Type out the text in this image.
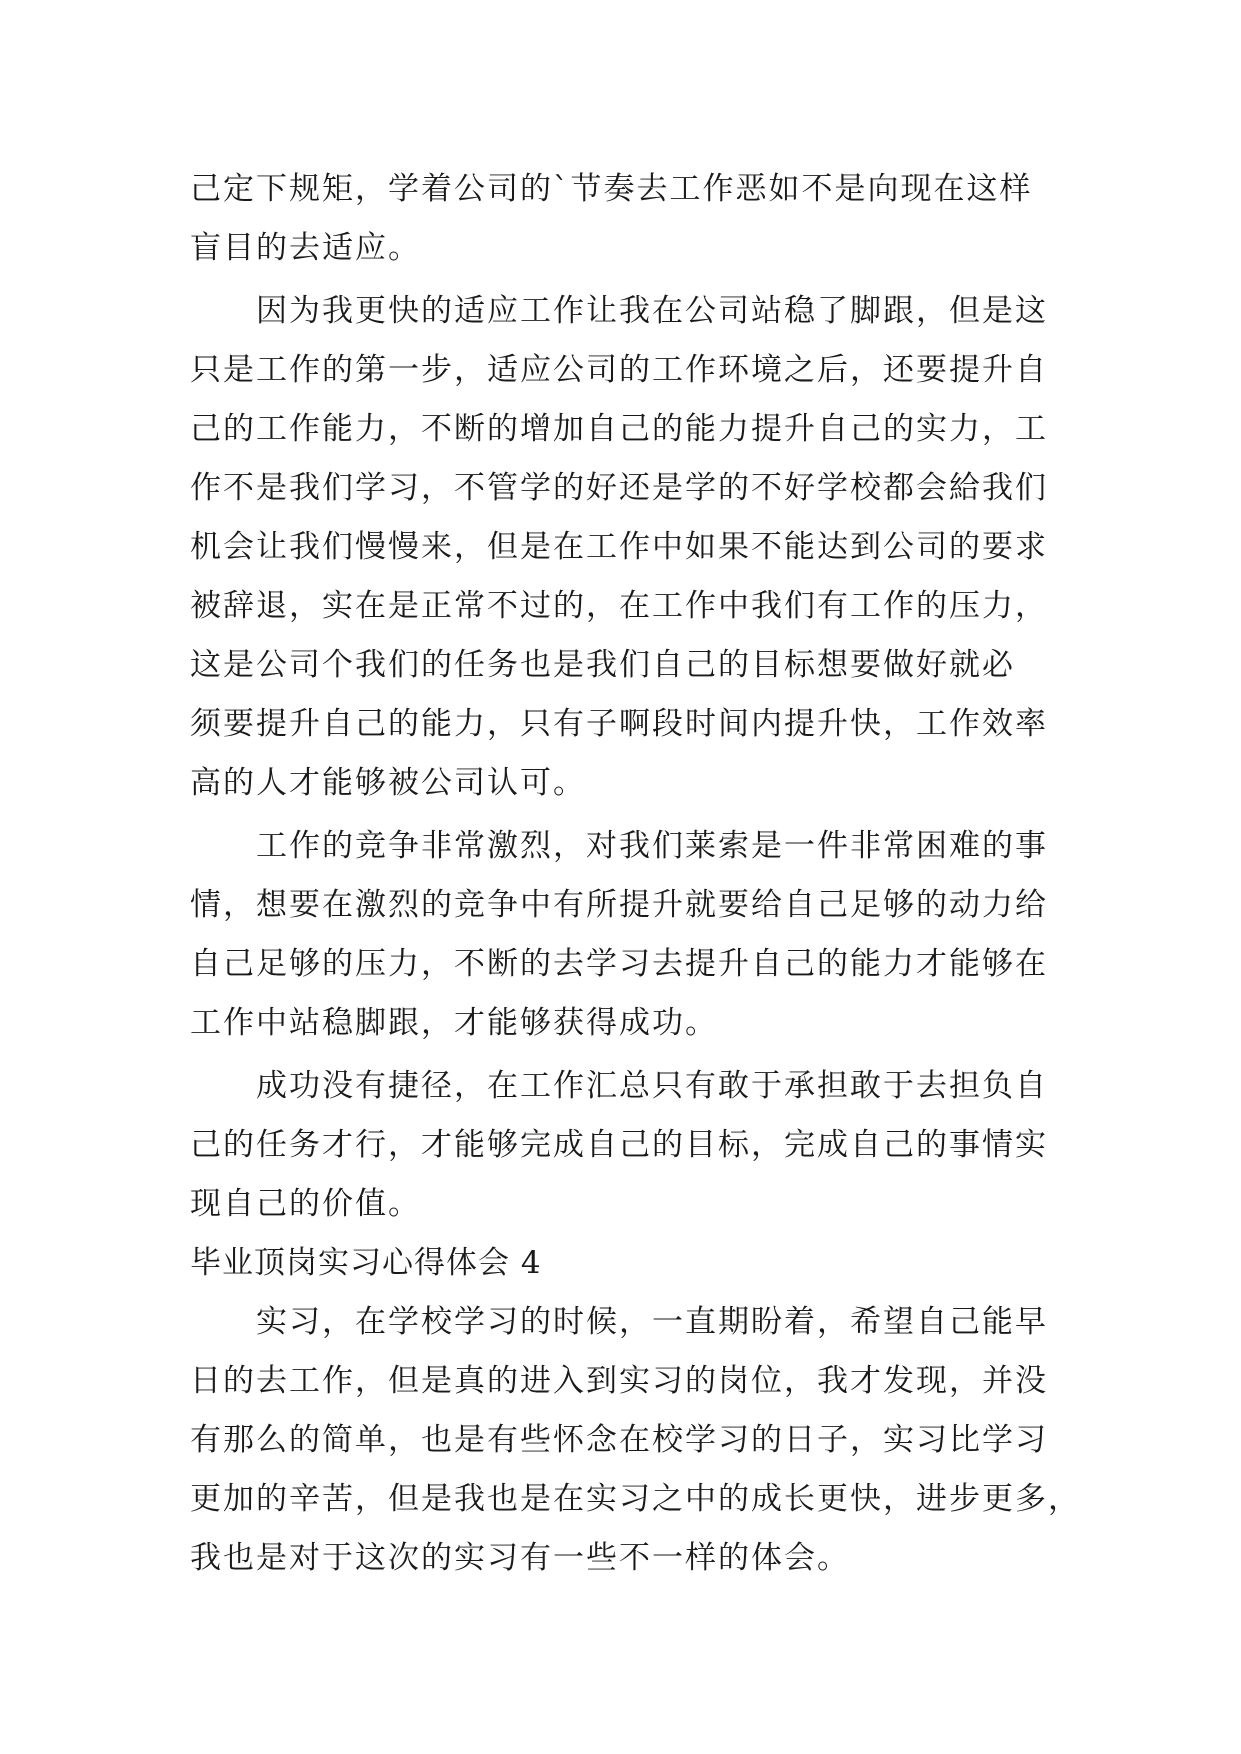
己定下规矩，学着公司的`节奏去工作恶如不是向现在这样
盲目的去适应。
　　因为我更快的适应工作让我在公司站稳了脚跟，但是这
只是工作的第一步，适应公司的工作环境之后，还要提升自
己的工作能力，不断的增加自己的能力提升自己的实力，工
作不是我们学习，不管学的好还是学的不好学校都会給我们
机会让我们慢慢来，但是在工作中如果不能达到公司的要求
被辞退，实在是正常不过的，在工作中我们有工作的压力，
这是公司个我们的任务也是我们自己的目标想要做好就必
须要提升自己的能力，只有子啊段时间内提升快，工作效率
高的人才能够被公司认可。
　　工作的竞争非常激烈，对我们莱索是一件非常困难的事
情，想要在激烈的竞争中有所提升就要给自己足够的动力给
自己足够的压力，不断的去学习去提升自己的能力才能够在
工作中站稳脚跟，才能够获得成功。
　　成功没有捷径，在工作汇总只有敢于承担敢于去担负自
己的任务才行，才能够完成自己的目标，完成自己的事情实
现自己的价值。
毕业顶岗实习心得体会 4
　　实习，在学校学习的时候，一直期盼着，希望自己能早
日的去工作，但是真的进入到实习的岗位，我才发现，并没
有那么的简单，也是有些怀念在校学习的日子，实习比学习
更加的辛苦，但是我也是在实习之中的成长更快，进步更多，
我也是对于这次的实习有一些不一样的体会。
